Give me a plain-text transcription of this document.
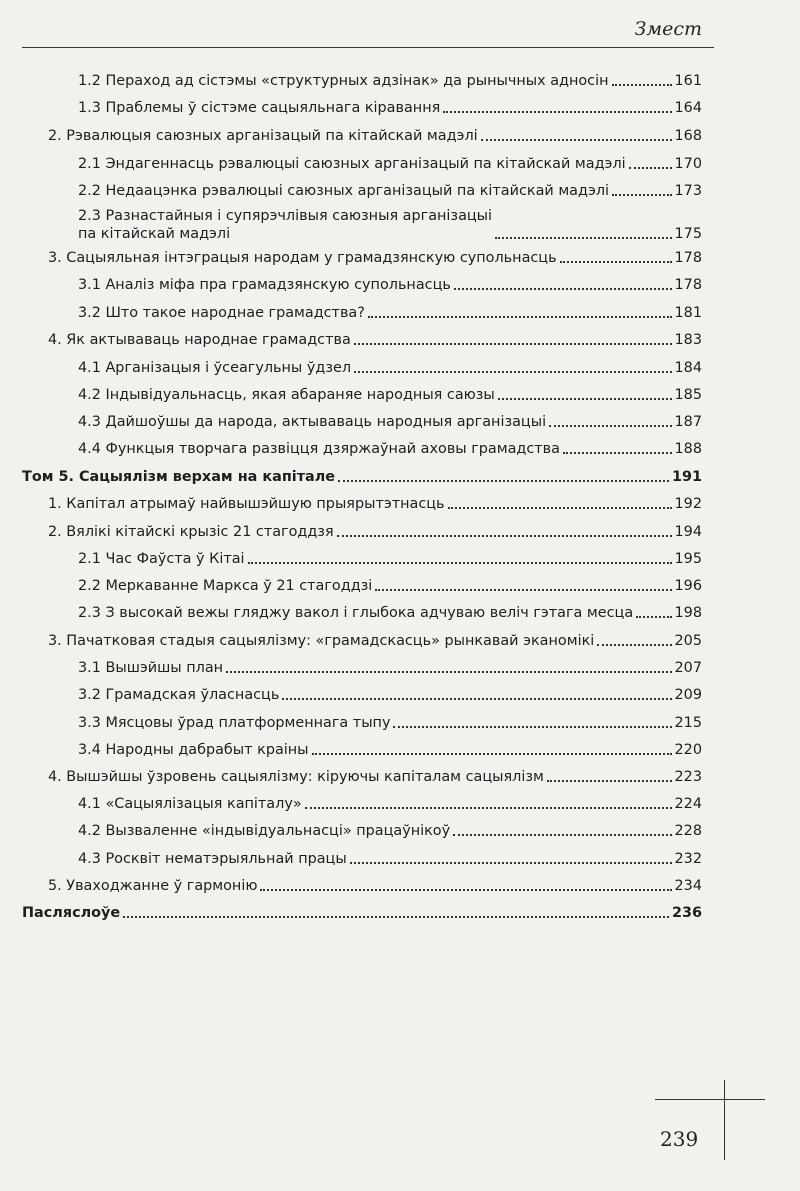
Змест
1.2 Пераход ад сістэмы «структурных адзінак» да рынычных адносін	161
1.3 Праблемы ў сістэме сацыяльнага кіравання	164
2. Рэвалюцыя саюзных арганізацый па кітайскай мадэлі	168
2.1 Эндагеннасць рэвалюцыі саюзных арганізацый па кітайскай мадэлі	170
2.2 Недаацэнка рэвалюцыі саюзных арганізацый па кітайскай мадэлі	173
2.3 Разнастайныя і супярэчлівыя саюзныя арганізацыі
па кітайскай мадэлі	175
3. Сацыяльная інтэграцыя народам у грамадзянскую супольнасць	178
3.1 Аналіз міфа пра грамадзянскую супольнасць	178
3.2 Што такое народнае грамадства?	181
4. Як актываваць народнае грамадства	183
4.1 Арганізацыя і ўсеагульны ўдзел	184
4.2 Індывідуальнасць, якая абараняе народныя саюзы	185
4.3 Дайшоўшы да народа, актываваць народныя арганізацыі	187
4.4 Функцыя творчага развіцця дзяржаўнай аховы грамадства	188
Том 5. Сацыялізм верхам на капітале	191
1. Капітал атрымаў найвышэйшую прыярытэтнасць	192
2. Вялікі кітайскі крызіс 21 стагоддзя	194
2.1 Час Фаўста ў Кітаі	195
2.2 Меркаванне Маркса ў 21 стагоддзі	196
2.3 З высокай вежы гляджу вакол і глыбока адчуваю веліч гэтага месца	198
3. Пачатковая стадыя сацыялізму: «грамадскасць» рынкавай эканомікі	205
3.1 Вышэйшы план	207
3.2 Грамадская ўласнасць	209
3.3 Мясцовы ўрад платформеннага тыпу	215
3.4 Народны дабрабыт краіны	220
4. Вышэйшы ўзровень сацыялізму: кіруючы капіталам сацыялізм	223
4.1 «Сацыялізацыя капіталу»	224
4.2 Вызваленне «індывідуальнасці» працаўнікоў	228
4.3 Росквіт нематэрыяльнай працы	232
5. Уваходжанне ў гармонію	234
Пасляслоўе	236
239
